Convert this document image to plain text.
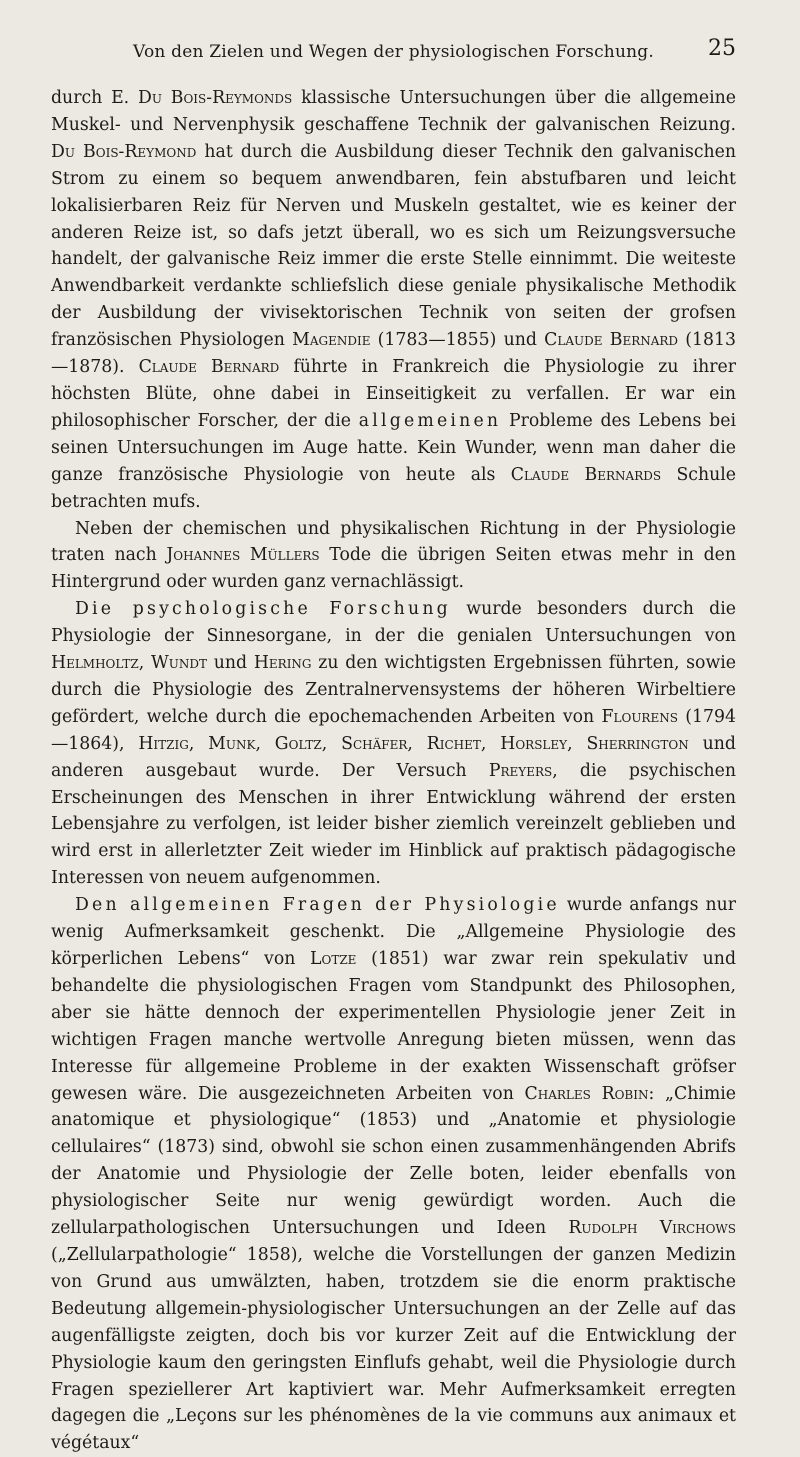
Von den Zielen und Wegen der physiologischen Forschung.	25

durch E. Du Bois-Reymonds klassische Untersuchungen über die allgemeine Muskel- und Nervenphysik geschaffene Technik der galvanischen Reizung. Du Bois-Reymond hat durch die Ausbildung dieser Technik den galvanischen Strom zu einem so bequem anwendbaren, fein abstufbaren und leicht lokalisierbaren Reiz für Nerven und Muskeln gestaltet, wie es keiner der anderen Reize ist, so dafs jetzt überall, wo es sich um Reizungsversuche handelt, der galvanische Reiz immer die erste Stelle einnimmt. Die weiteste Anwendbarkeit verdankte schliefslich diese geniale physikalische Methodik der Ausbildung der vivisektorischen Technik von seiten der grofsen französischen Physiologen Magendie (1783—1855) und Claude Bernard (1813—1878). Claude Bernard führte in Frankreich die Physiologie zu ihrer höchsten Blüte, ohne dabei in Einseitigkeit zu verfallen. Er war ein philosophischer Forscher, der die allgemeinen Probleme des Lebens bei seinen Untersuchungen im Auge hatte. Kein Wunder, wenn man daher die ganze französische Physiologie von heute als Claude Bernards Schule betrachten mufs.

Neben der chemischen und physikalischen Richtung in der Physiologie traten nach Johannes Müllers Tode die übrigen Seiten etwas mehr in den Hintergrund oder wurden ganz vernachlässigt.

Die psychologische Forschung wurde besonders durch die Physiologie der Sinnesorgane, in der die genialen Untersuchungen von Helmholtz, Wundt und Hering zu den wichtigsten Ergebnissen führten, sowie durch die Physiologie des Zentralnervensystems der höheren Wirbeltiere gefördert, welche durch die epochemachenden Arbeiten von Flourens (1794—1864), Hitzig, Munk, Goltz, Schäfer, Richet, Horsley, Sherrington und anderen ausgebaut wurde. Der Versuch Preyers, die psychischen Erscheinungen des Menschen in ihrer Entwicklung während der ersten Lebensjahre zu verfolgen, ist leider bisher ziemlich vereinzelt geblieben und wird erst in allerletzter Zeit wieder im Hinblick auf praktisch pädagogische Interessen von neuem aufgenommen.

Den allgemeinen Fragen der Physiologie wurde anfangs nur wenig Aufmerksamkeit geschenkt. Die „Allgemeine Physiologie des körperlichen Lebens“ von Lotze (1851) war zwar rein spekulativ und behandelte die physiologischen Fragen vom Standpunkt des Philosophen, aber sie hätte dennoch der experimentellen Physiologie jener Zeit in wichtigen Fragen manche wertvolle Anregung bieten müssen, wenn das Interesse für allgemeine Probleme in der exakten Wissenschaft gröfser gewesen wäre. Die ausgezeichneten Arbeiten von Charles Robin: „Chimie anatomique et physiologique“ (1853) und „Anatomie et physiologie cellulaires“ (1873) sind, obwohl sie schon einen zusammenhängenden Abrifs der Anatomie und Physiologie der Zelle boten, leider ebenfalls von physiologischer Seite nur wenig gewürdigt worden. Auch die zellularpathologischen Untersuchungen und Ideen Rudolph Virchows („Zellularpathologie“ 1858), welche die Vorstellungen der ganzen Medizin von Grund aus umwälzten, haben, trotzdem sie die enorm praktische Bedeutung allgemein-physiologischer Untersuchungen an der Zelle auf das augenfälligste zeigten, doch bis vor kurzer Zeit auf die Entwicklung der Physiologie kaum den geringsten Einflufs gehabt, weil die Physiologie durch Fragen speziellerer Art kaptiviert war. Mehr Aufmerksamkeit erregten dagegen die „Leçons sur les phénomènes de la vie communs aux animaux et végétaux“
